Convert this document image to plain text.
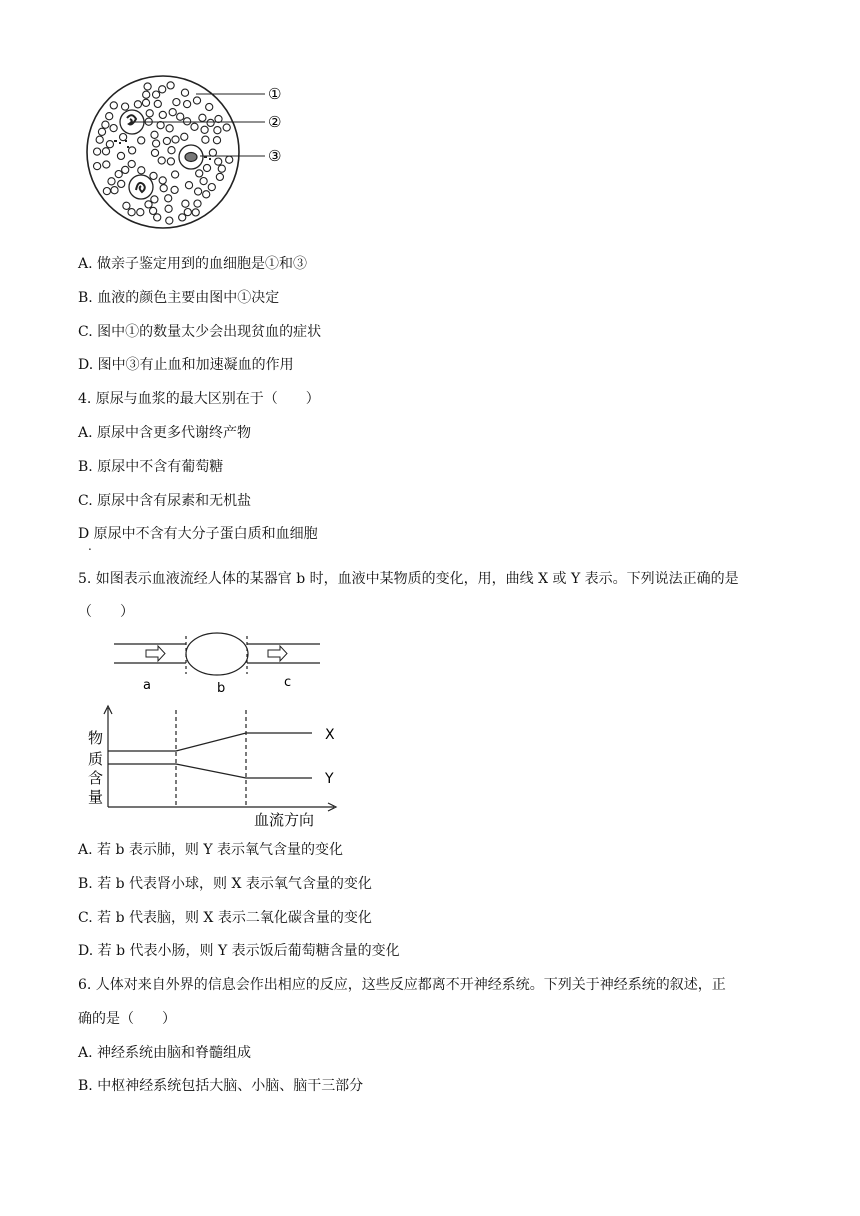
①
②
③
A. 做亲子鉴定用到的血细胞是①和③
B. 血液的颜色主要由图中①决定
C. 图中①的数量太少会出现贫血的症状
D. 图中③有止血和加速凝血的作用
4. 原尿与血浆的最大区别在于（　　）
A. 原尿中含更多代谢终产物
B. 原尿中不含有葡萄糖
C. 原尿中含有尿素和无机盐
D 原尿中不含有大分子蛋白质和血细胞
.
5. 如图表示血液流经人体的某器官 b 时，血液中某物质的变化，用，曲线 X 或 Y 表示。下列说法正确的是
（　　）
a	b	c
物
质
含
量
X
Y
血流方向
A. 若 b 表示肺，则 Y 表示氧气含量的变化
B. 若 b 代表肾小球，则 X 表示氧气含量的变化
C. 若 b 代表脑，则 X 表示二氧化碳含量的变化
D. 若 b 代表小肠，则 Y 表示饭后葡萄糖含量的变化
6. 人体对来自外界的信息会作出相应的反应，这些反应都离不开神经系统。下列关于神经系统的叙述，正
确的是（　　）
A. 神经系统由脑和脊髓组成
B. 中枢神经系统包括大脑、小脑、脑干三部分
